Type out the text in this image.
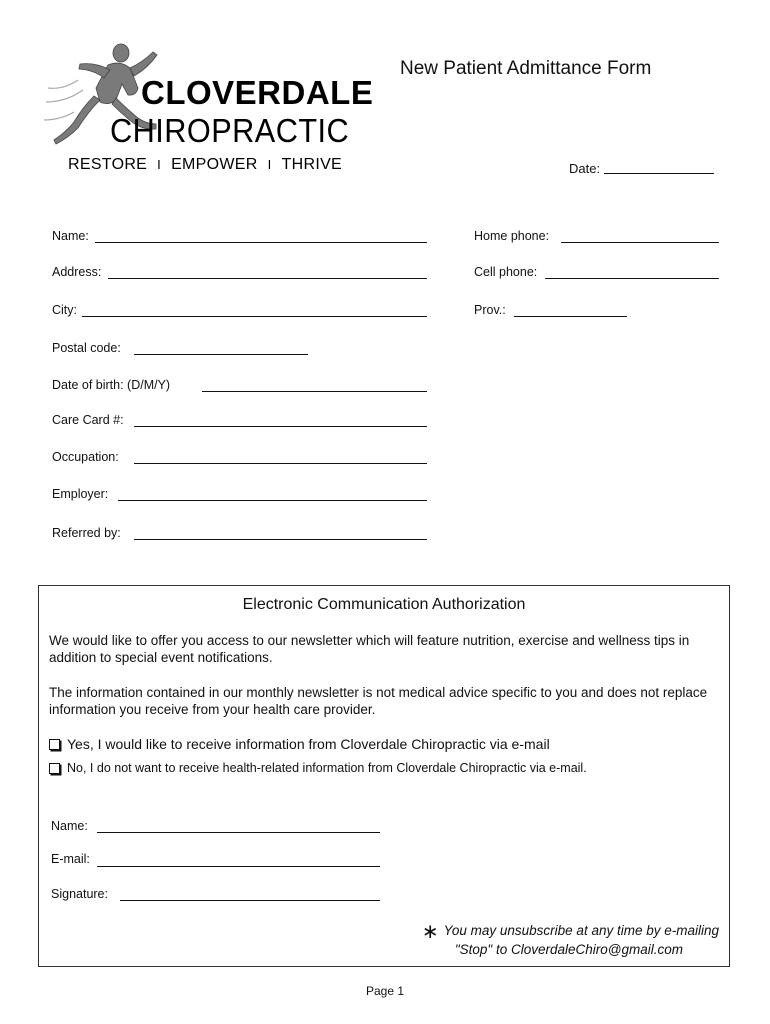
CLOVERDALE
CHIROPRACTIC
RESTORE I EMPOWER I THRIVE
New Patient Admittance Form
Date:
Name:
Address:
City:
Postal code:
Date of birth: (D/M/Y)
Care Card #:
Occupation:
Employer:
Referred by:
Home phone:
Cell phone:
Prov.:
Electronic Communication Authorization
We would like to offer you access to our newsletter which will feature nutrition, exercise and wellness tips in addition to special event notifications.
The information contained in our monthly newsletter is not medical advice specific to you and does not replace information you receive from your health care provider.
Yes, I would like to receive information from Cloverdale Chiropractic via e-mail
No, I do not want to receive health-related information from Cloverdale Chiropractic via e-mail.
Name:
E-mail:
Signature:
∗ You may unsubscribe at any time by e-mailing
"Stop" to CloverdaleChiro@gmail.com
Page 1
